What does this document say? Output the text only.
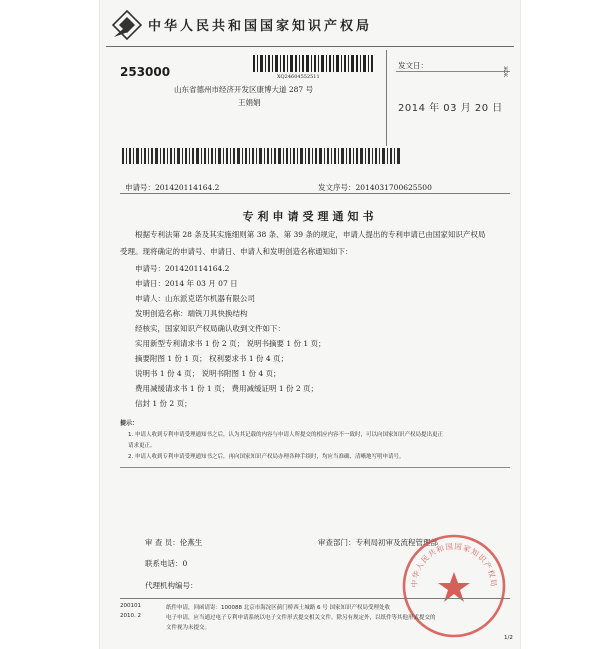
中华人民共和国国家知识产权局
253000	XQ24604552511
山东省德州市经济开发区康博大道 287 号
王娟娟
发文日：
2014 年 03 月 20 日
ЖЖ
申请号：201420114164.2	发文序号：2014031700625500
专利申请受理通知书
根据专利法第 28 条及其实施细则第 38 条、第 39 条的规定，申请人提出的专利申请已由国家知识产权局
受理。现将确定的申请号、申请日、申请人和发明创造名称通知如下：
申请号：201420114164.2
申请日：2014 年 03 月 07 日
申请人：山东派克诺尔机器有限公司
发明创造名称：端铣刀具快换结构
经核实，国家知识产权局确认收到文件如下：
实用新型专利请求书 1 份 2 页； 说明书摘要 1 份 1 页；
摘要附图 1 份 1 页； 权利要求书 1 份 4 页；
说明书 1 份 4 页； 说明书附图 1 份 4 页；
费用减缓请求书 1 份 1 页； 费用减缓证明 1 份 2 页；
信封 1 份 2 页；
提示：
1. 申请人收到专利申请受理通知书之后，认为其记载的内容与申请人所提交的相应内容不一致时，可以向国家知识产权局提出更正
请求更正。
2. 申请人收到专利申请受理通知书之后，再向国家知识产权局办理各种手续时，均应当准确、清晰地写明申请号。
审 查 员：伦燕生	审查部门：专利局初审及流程管理部
联系电话：0
代理机构编号：	中华人民共和国国家知识产权局
200101
2010. 2
纸件申请，回函请寄：100088 北京市海淀区蓟门桥西土城路 6 号 国家知识产权局受理处收
电子申请，应当通过电子专利申请系统以电子文件形式提交相关文件。除另有规定外，以纸件等其他形式提交的
文件视为未提交。
1/2
